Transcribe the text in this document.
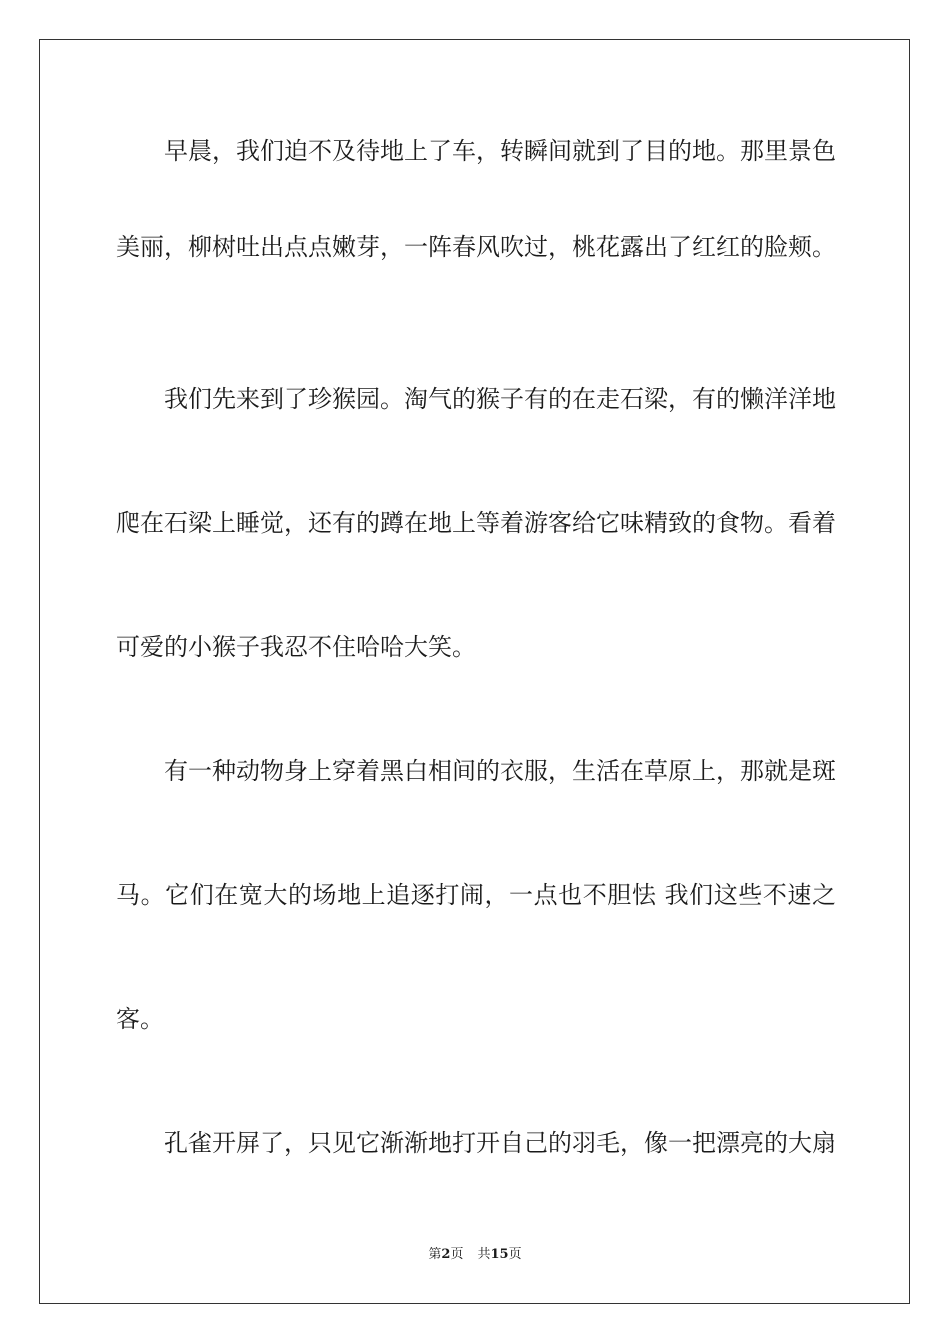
早晨，我们迫不及待地上了车，转瞬间就到了目的地。那里景色
美丽，柳树吐出点点嫩芽，一阵春风吹过，桃花露出了红红的脸颊。
我们先来到了珍猴园。淘气的猴子有的在走石梁，有的懒洋洋地
爬在石梁上睡觉，还有的蹲在地上等着游客给它味精致的食物。看着
可爱的小猴子我忍不住哈哈大笑。
有一种动物身上穿着黑白相间的衣服，生活在草原上，那就是斑
马。它们在宽大的场地上追逐打闹，一点也不胆怯 我们这些不速之
客。
孔雀开屏了，只见它渐渐地打开自己的羽毛，像一把漂亮的大扇
第2页 共15页
